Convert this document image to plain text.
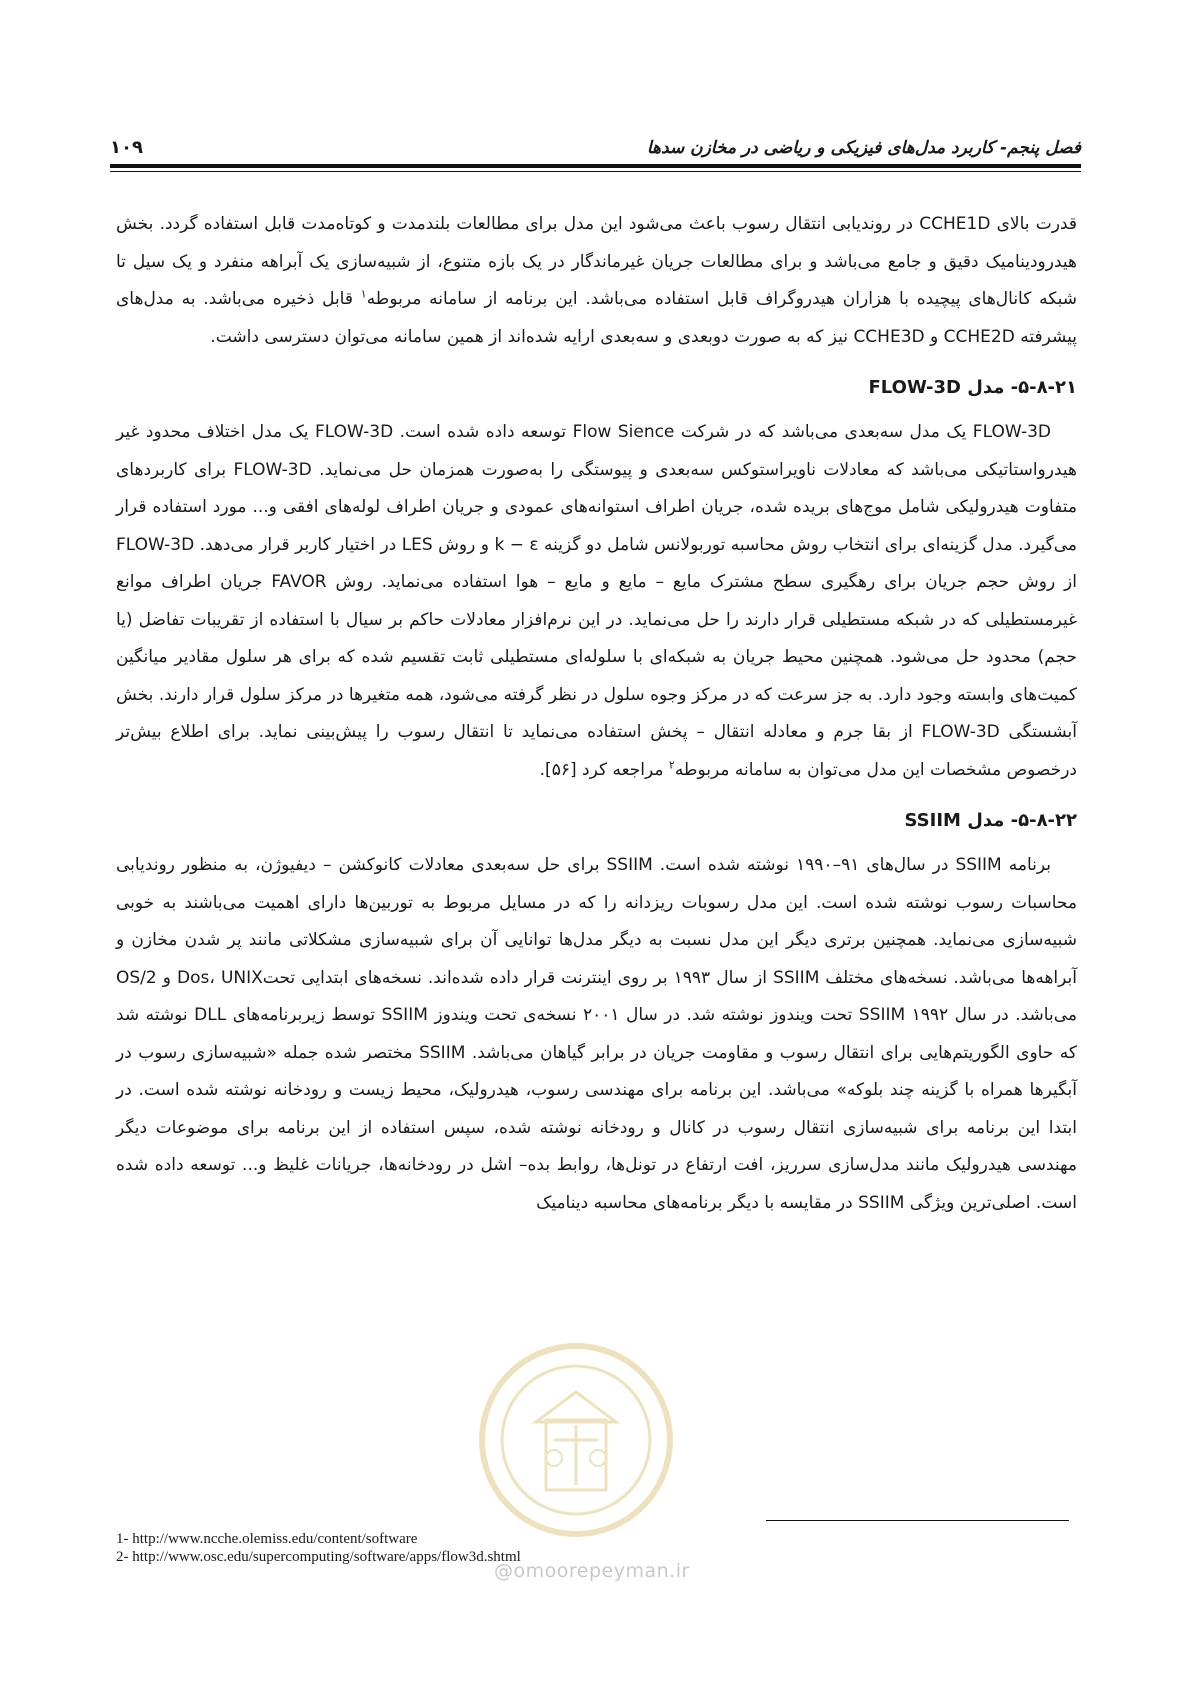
فصل پنجم- کاربرد مدل‌های فیزیکی و ریاضی در مخازن سدها
۱۰۹

قدرت بالای CCHE1D در روندیابی انتقال رسوب باعث می‌شود این مدل برای مطالعات بلندمدت و کوتاه‌مدت قابل استفاده گردد. بخش هیدرودینامیک دقیق و جامع می‌باشد و برای مطالعات جریان غیرماندگار در یک بازه متنوع، از شبیه‌سازی یک آبراهه منفرد و یک سیل تا شبکه کانال‌های پیچیده با هزاران هیدروگراف قابل استفاده می‌باشد. این برنامه از سامانه مربوطه$^۱$ قابل ذخیره می‌باشد. به مدل‌های پیشرفته CCHE2D و CCHE3D نیز که به صورت دوبعدی و سه‌بعدی ارایه شده‌اند از همین سامانه می‌توان دسترسی داشت.

۵-۸-۲۱- مدل FLOW-3D

FLOW-3D یک مدل سه‌بعدی می‌باشد که در شرکت Flow Sience توسعه داده شده است. FLOW-3D یک مدل اختلاف محدود غیر هیدرواستاتیکی می‌باشد که معادلات ناویراستوکس سه‌بعدی و پیوستگی را به‌صورت همزمان حل می‌نماید. FLOW-3D برای کاربردهای متفاوت هیدرولیکی شامل موج‌های بریده شده، جریان اطراف استوانه‌های عمودی و جریان اطراف لوله‌های افقی و... مورد استفاده قرار می‌گیرد. مدل گزینه‌ای برای انتخاب روش محاسبه توربولانس شامل دو گزینه k − ε و روش LES در اختیار کاربر قرار می‌دهد. FLOW-3D از روش حجم جریان برای رهگیری سطح مشترک مایع – مایع و مایع – هوا استفاده می‌نماید. روش FAVOR جریان اطراف موانع غیرمستطیلی که در شبکه مستطیلی قرار دارند را حل می‌نماید. در این نرم‌افزار معادلات حاکم بر سیال با استفاده از تقریبات تفاضل (یا حجم) محدود حل می‌شود. همچنین محیط جریان به شبکه‌ای با سلوله‌ای مستطیلی ثابت تقسیم شده که برای هر سلول مقادیر میانگین کمیت‌های وابسته وجود دارد. به جز سرعت که در مرکز وجوه سلول در نظر گرفته می‌شود، همه متغیرها در مرکز سلول قرار دارند. بخش آبشستگی FLOW-3D از بقا جرم و معادله انتقال – پخش استفاده می‌نماید تا انتقال رسوب را پیش‌بینی نماید. برای اطلاع بیش‌تر درخصوص مشخصات این مدل می‌توان به سامانه مربوطه$^۲$ مراجعه کرد [۵۶].

۵-۸-۲۲- مدل SSIIM

برنامه SSIIM در سال‌های ۹۱–۱۹۹۰ نوشته شده است. SSIIM برای حل سه‌بعدی معادلات کانوکشن – دیفیوژن، به منظور روندیابی محاسبات رسوب نوشته شده است. این مدل رسوبات ریزدانه را که در مسایل مربوط به توربین‌ها دارای اهمیت می‌باشند به خوبی شبیه‌سازی می‌نماید. همچنین برتری دیگر این مدل نسبت به دیگر مدل‌ها توانایی آن برای شبیه‌سازی مشکلاتی مانند پر شدن مخازن و آبراهه‌ها می‌باشد. نسخه‌های مختلف SSIIM از سال ۱۹۹۳ بر روی اینترنت قرار داده شده‌اند. نسخه‌های ابتدایی تحتDos، UNIX و OS/2 می‌باشد. در سال ۱۹۹۲ SSIIM تحت ویندوز نوشته شد. در سال ۲۰۰۱ نسخه‌ی تحت ویندوز SSIIM توسط زیربرنامه‌های DLL نوشته شد که حاوی الگوریتم‌هایی برای انتقال رسوب و مقاومت جریان در برابر گیاهان می‌باشد. SSIIM مختصر شده جمله «شبیه‌سازی رسوب در آبگیرها همراه با گزینه چند بلوکه» می‌باشد. این برنامه برای مهندسی رسوب، هیدرولیک، محیط زیست و رودخانه نوشته شده است. در ابتدا این برنامه برای شبیه‌سازی انتقال رسوب در کانال و رودخانه نوشته شده، سپس استفاده از این برنامه برای موضوعات دیگر مهندسی هیدرولیک مانند مدل‌سازی سرریز، افت ارتفاع در تونل‌ها، روابط بده– اشل در رودخانه‌ها، جریانات غلیظ و... توسعه داده شده است. اصلی‌ترین ویژگی SSIIM در مقایسه با دیگر برنامه‌های محاسبه دینامیک

@omoorepeyman.ir
1- http://www.ncche.olemiss.edu/content/software
2- http://www.osc.edu/supercomputing/software/apps/flow3d.shtml
